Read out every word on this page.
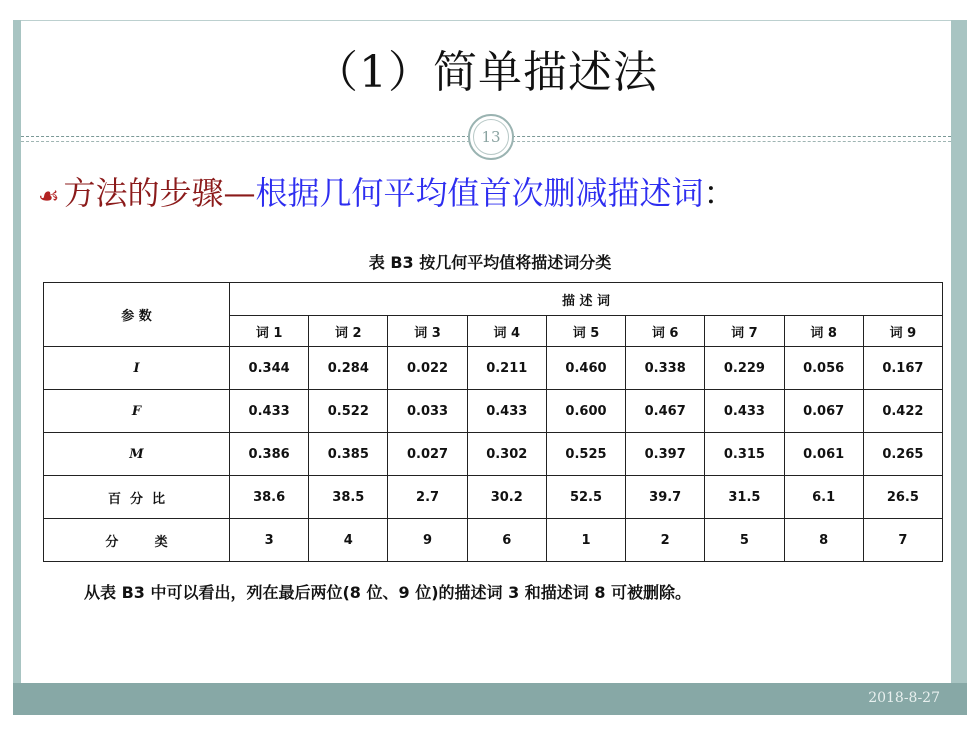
（1）简单描述法
13
☙ 方法的步骤—根据几何平均值首次删减描述词：
表 B3 按几何平均值将描述词分类
参 数	描 述 词								
	词 1	词 2	词 3	词 4	词 5	词 6	词 7	词 8	词 9
I	0.344	0.284	0.022	0.211	0.460	0.338	0.229	0.056	0.167
F	0.433	0.522	0.033	0.433	0.600	0.467	0.433	0.067	0.422
M	0.386	0.385	0.027	0.302	0.525	0.397	0.315	0.061	0.265
百  分  比	38.6	38.5	2.7	30.2	52.5	39.7	31.5	6.1	26.5
分        类	3	4	9	6	1	2	5	8	7
从表 B3 中可以看出，列在最后两位(8 位、9 位)的描述词 3 和描述词 8 可被删除。
2018-8-27
